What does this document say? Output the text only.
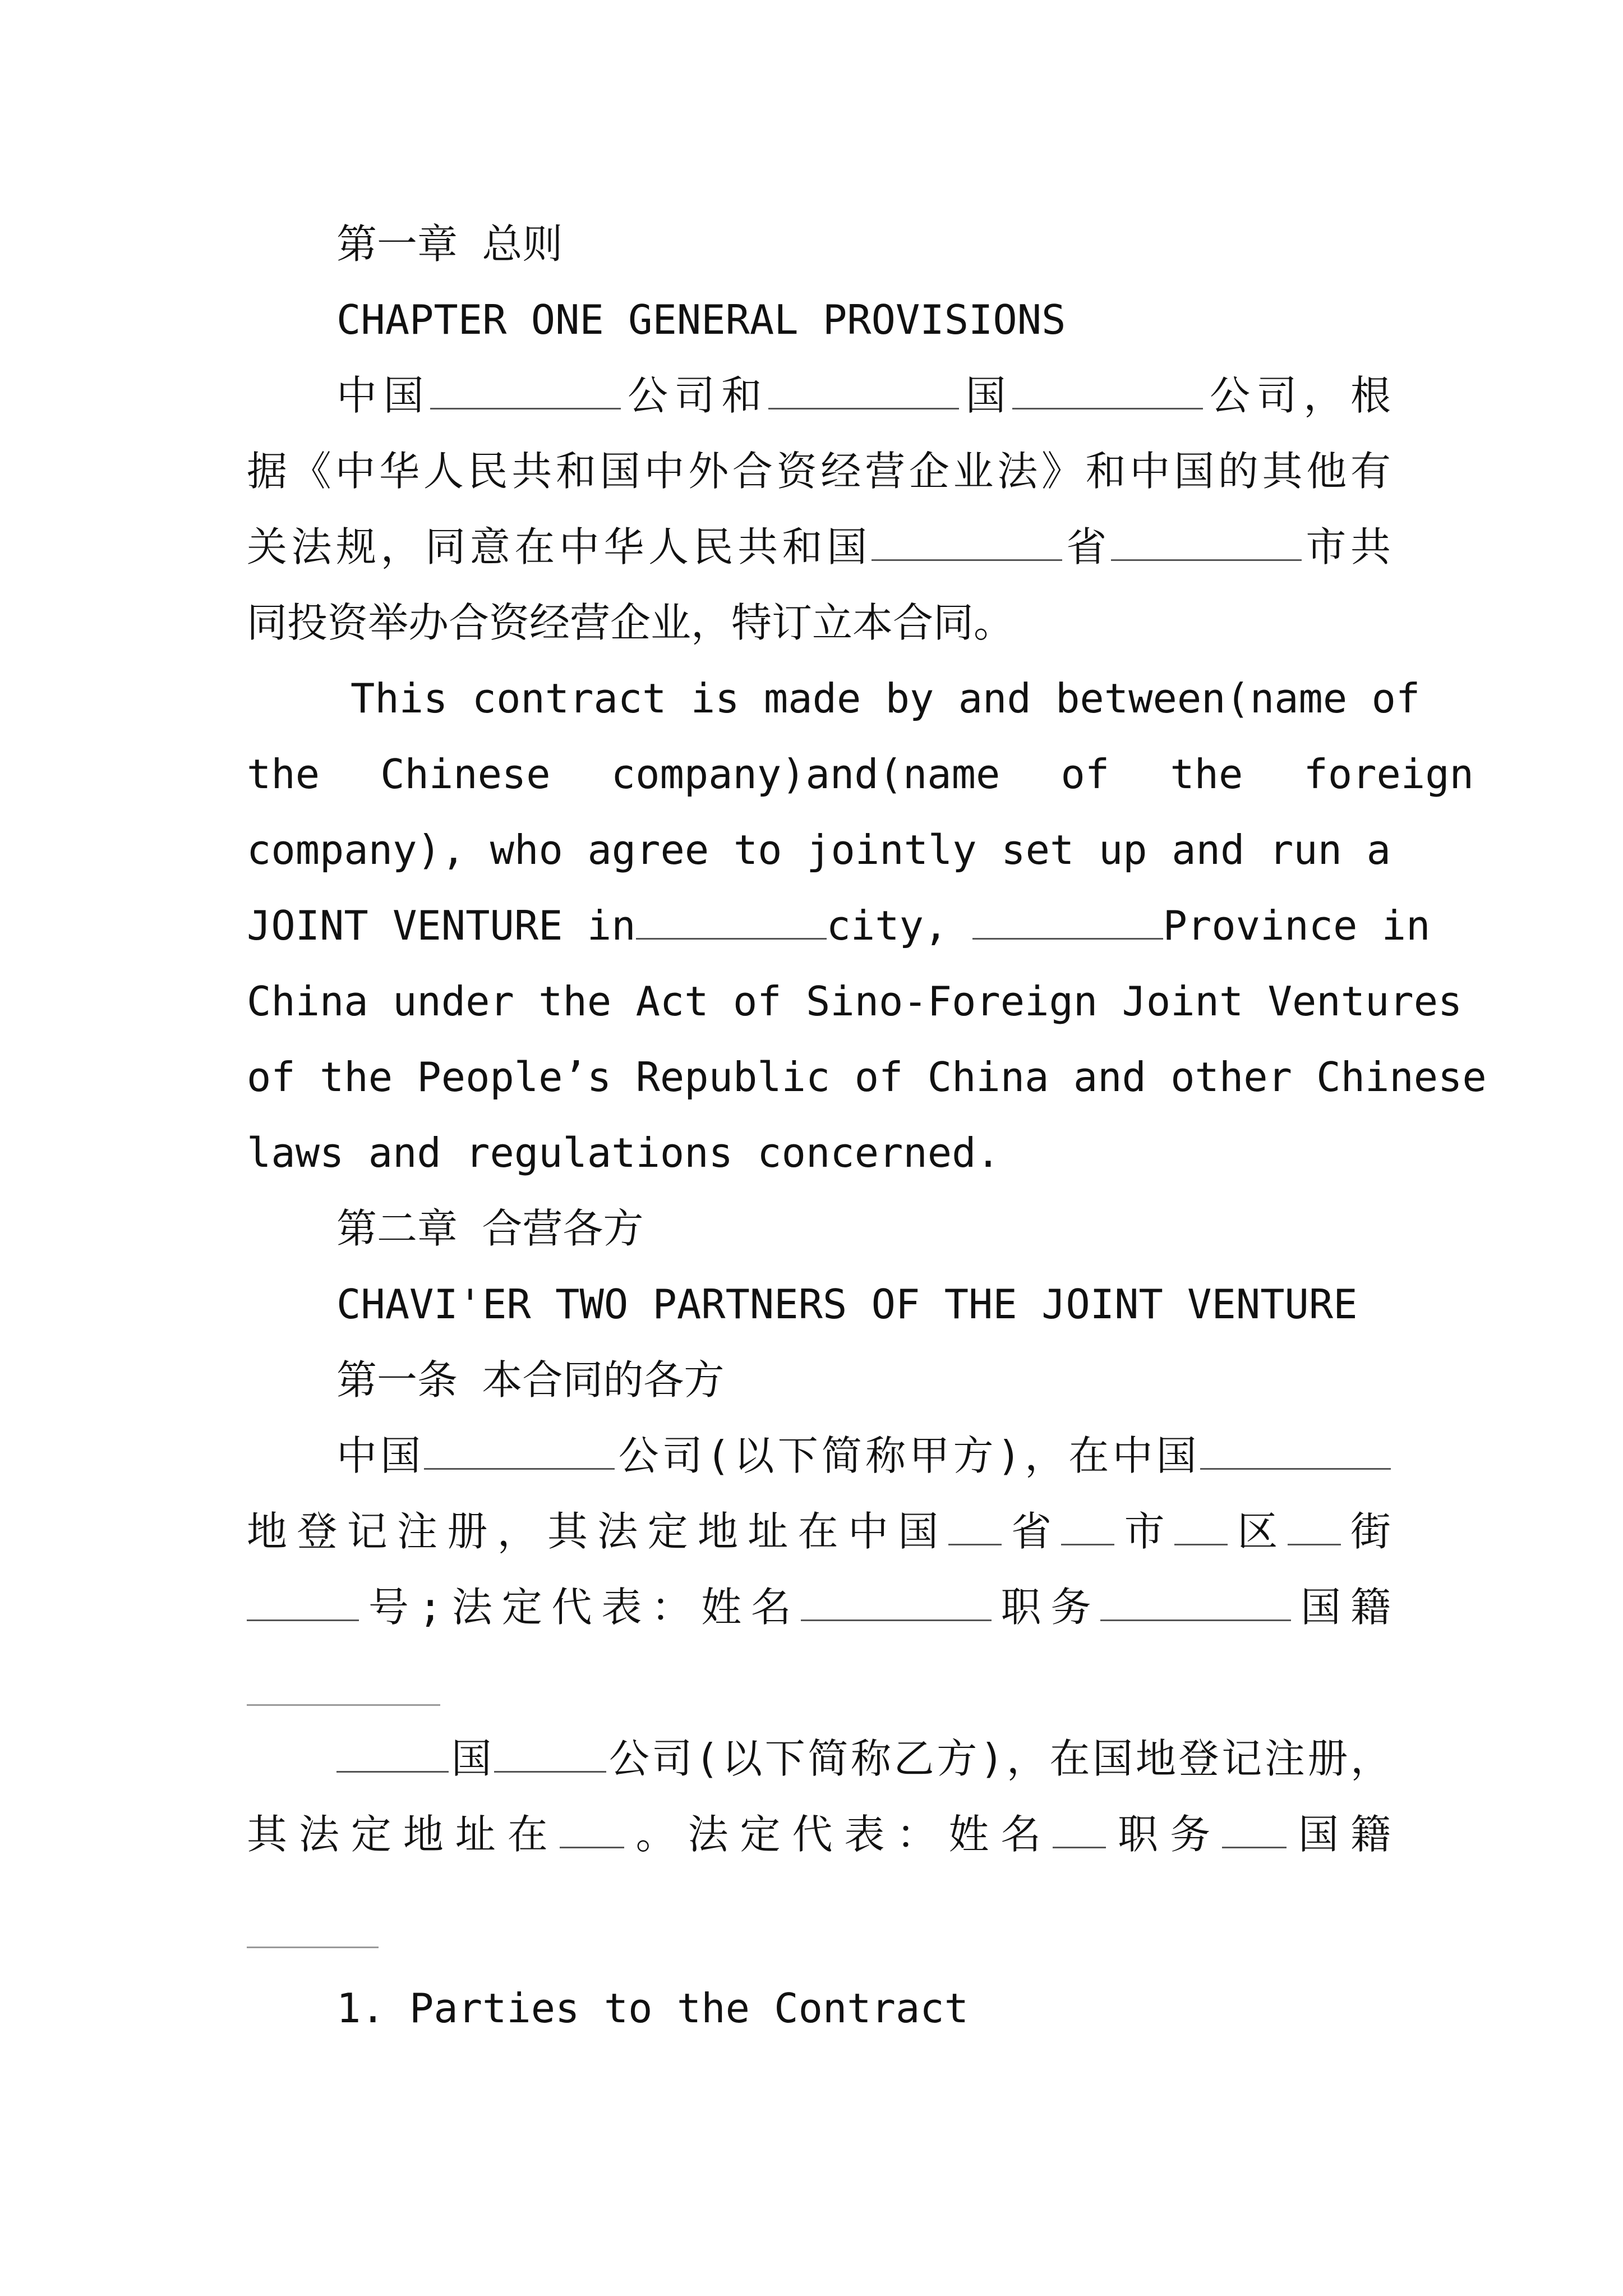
第一章 总则
CHAPTER ONE GENERAL PROVISIONS
中国	公司和	国	公司，根
据《中华人民共和国中外合资经营企业法》和中国的其他有
关法规，同意在中华人民共和国	省	市共
同投资举办合资经营企业，特订立本合同。
This contract is made by and between(name of
the Chinese company)and(name of the foreign
company), who agree to jointly set up and run a
JOINT VENTURE in	city,	Province in
China under the Act of Sino-Foreign Joint Ventures
of the People’s Republic of China and other Chinese
laws and regulations concerned.
第二章 合营各方
CHAVI'ER TWO PARTNERS OF THE JOINT VENTURE
第一条 本合同的各方
中国	公司(以下简称甲方)，在中国
地登记注册，其法定地址在中国 省 市 区 街
号;法定代表：姓名	职务	国籍
国	公司(以下简称乙方)，在国地登记注册，
其法定地址在 。法定代表：姓名 职务 国籍
1. Parties to the Contract
